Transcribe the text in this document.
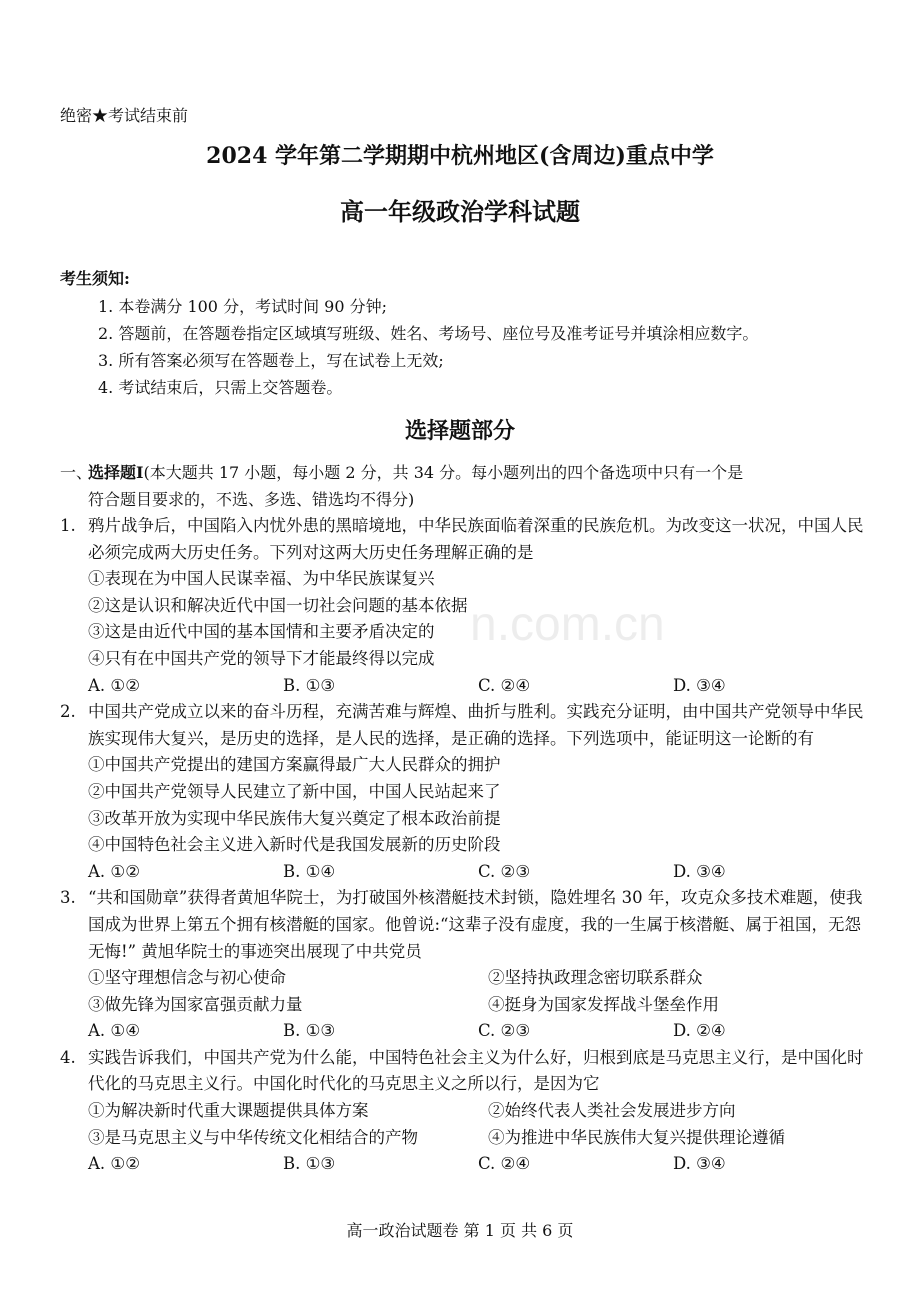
n.com.cn
绝密★考试结束前
2024 学年第二学期期中杭州地区(含周边)重点中学
高一年级政治学科试题
考生须知:
1. 本卷满分 100 分，考试时间 90 分钟;
2. 答题前，在答题卷指定区域填写班级、姓名、考场号、座位号及准考证号并填涂相应数字。
3. 所有答案必须写在答题卷上，写在试卷上无效;
4. 考试结束后，只需上交答题卷。
选择题部分
一、
选择题Ⅰ(本大题共 17 小题，每小题 2 分，共 34 分。每小题列出的四个备选项中只有一个是
符合题目要求的，不选、多选、错选均不得分)
1. 鸦片战争后，中国陷入内忧外患的黑暗境地，中华民族面临着深重的民族危机。为改变这一状况，中国人民必须完成两大历史任务。下列对这两大历史任务理解正确的是
①表现在为中国人民谋幸福、为中华民族谋复兴
②这是认识和解决近代中国一切社会问题的基本依据
③这是由近代中国的基本国情和主要矛盾决定的
④只有在中国共产党的领导下才能最终得以完成
A. ①②	B. ①③	C. ②④	D. ③④
2. 中国共产党成立以来的奋斗历程，充满苦难与辉煌、曲折与胜利。实践充分证明，由中国共产党领导中华民族实现伟大复兴，是历史的选择，是人民的选择，是正确的选择。下列选项中，能证明这一论断的有
①中国共产党提出的建国方案赢得最广大人民群众的拥护
②中国共产党领导人民建立了新中国，中国人民站起来了
③改革开放为实现中华民族伟大复兴奠定了根本政治前提
④中国特色社会主义进入新时代是我国发展新的历史阶段
A. ①②	B. ①④	C. ②③	D. ③④
3. “共和国勋章”获得者黄旭华院士，为打破国外核潜艇技术封锁，隐姓埋名 30 年，攻克众多技术难题，使我国成为世界上第五个拥有核潜艇的国家。他曾说:“这辈子没有虚度，我的一生属于核潜艇、属于祖国，无怨无悔!” 黄旭华院士的事迹突出展现了中共党员
①坚守理想信念与初心使命	②坚持执政理念密切联系群众
③做先锋为国家富强贡献力量	④挺身为国家发挥战斗堡垒作用
A. ①④	B. ①③	C. ②③	D. ②④
4. 实践告诉我们，中国共产党为什么能，中国特色社会主义为什么好，归根到底是马克思主义行，是中国化时代化的马克思主义行。中国化时代化的马克思主义之所以行，是因为它
①为解决新时代重大课题提供具体方案	②始终代表人类社会发展进步方向
③是马克思主义与中华传统文化相结合的产物	④为推进中华民族伟大复兴提供理论遵循
A. ①②	B. ①③	C. ②④	D. ③④
高一政治试题卷 第 1 页 共 6 页
